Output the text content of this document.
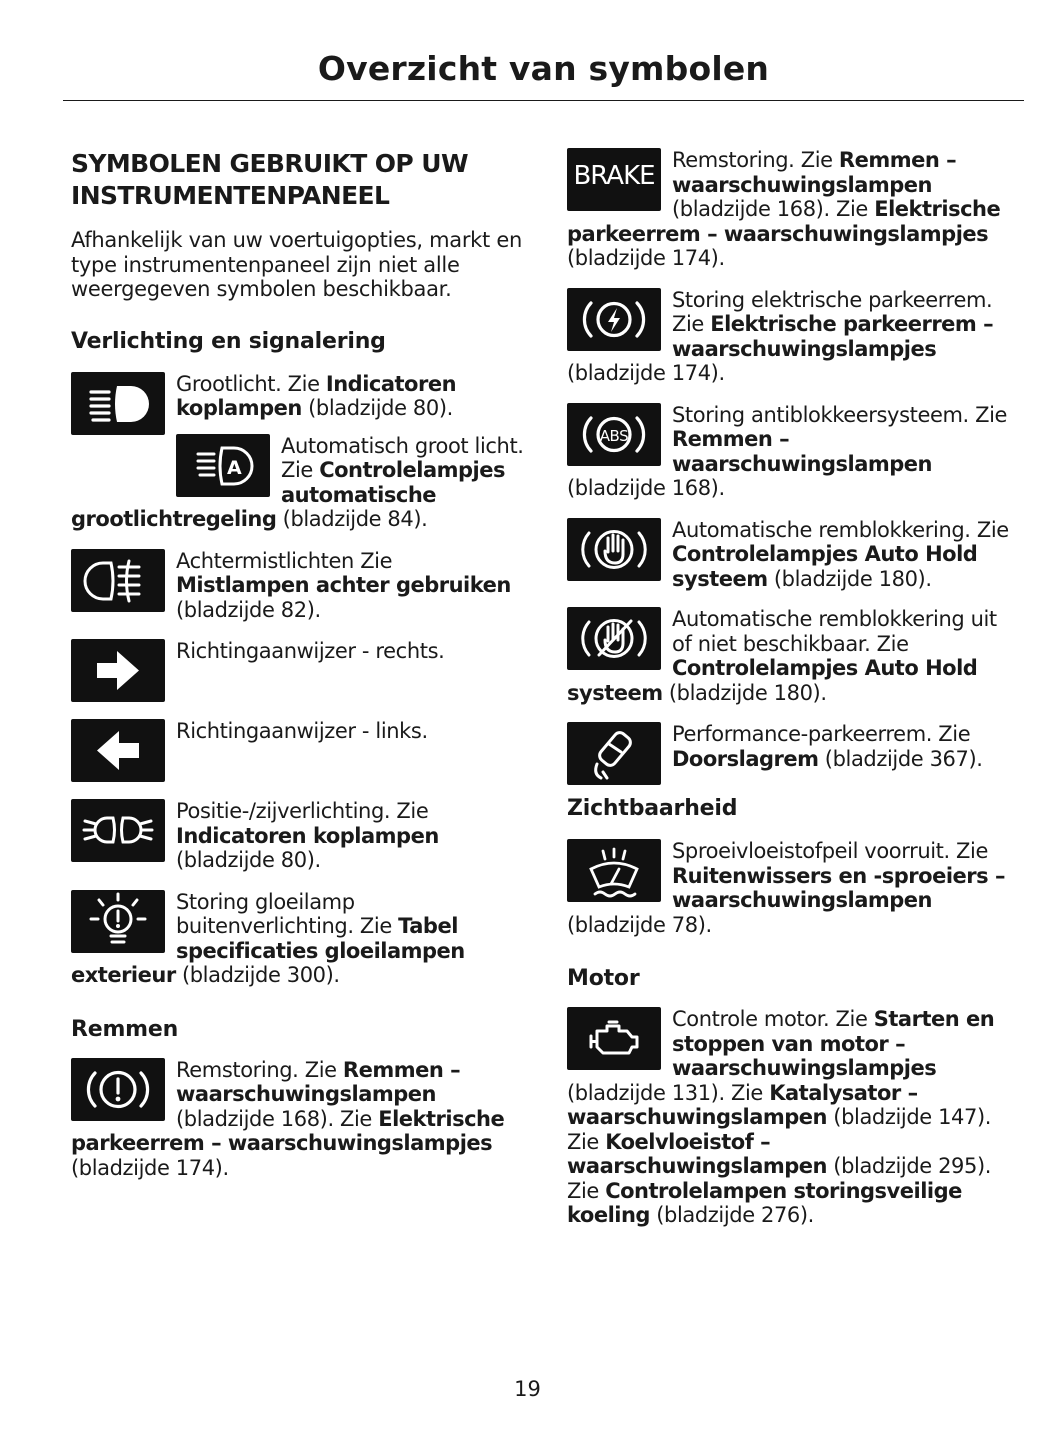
Overzicht van symbolen
SYMBOLEN GEBRUIKT OP UW INSTRUMENTENPANEEL

Afhankelijk van uw voertuigopties, markt en type instrumentenpaneel zijn niet alle weergegeven symbolen beschikbaar.

Verlichting en signalering
Grootlicht. Zie Indicatoren koplampen (bladzijde 80).
A
Automatisch groot licht. Zie Controlelampjes automatische grootlichtregeling (bladzijde 84).
Achtermistlichten Zie Mistlampen achter gebruiken (bladzijde 82).
Richtingaanwijzer - rechts.
Richtingaanwijzer - links.
Positie-/zijverlichting. Zie Indicatoren koplampen (bladzijde 80).
Storing gloeilamp buitenverlichting. Zie Tabel specificaties gloeilampen exterieur (bladzijde 300).
Remmen
Remstoring. Zie Remmen – waarschuwingslampen (bladzijde 168). Zie Elektrische parkeerrem – waarschuwingslampjes (bladzijde 174).
BRAKE
Remstoring. Zie Remmen – waarschuwingslampen (bladzijde 168). Zie Elektrische parkeerrem – waarschuwingslampjes (bladzijde 174).
Storing elektrische parkeerrem. Zie Elektrische parkeerrem – waarschuwingslampjes (bladzijde 174).
ABS
Storing antiblokkeersysteem. Zie Remmen – waarschuwingslampen (bladzijde 168).
Automatische remblokkering. Zie Controlelampjes Auto Hold systeem (bladzijde 180).
Automatische remblokkering uit of niet beschikbaar. Zie Controlelampjes Auto Hold systeem (bladzijde 180).
Performance-parkeerrem. Zie Doorslagrem (bladzijde 367).
Zichtbaarheid
Sproeivloeistofpeil voorruit. Zie Ruitenwissers en -sproeiers – waarschuwingslampen (bladzijde 78).
Motor
Controle motor. Zie Starten en stoppen van motor – waarschuwingslampjes (bladzijde 131). Zie Katalysator – waarschuwingslampen (bladzijde 147). Zie Koelvloeistof – waarschuwingslampen (bladzijde 295). Zie Controlelampen storingsveilige koeling (bladzijde 276).
19
